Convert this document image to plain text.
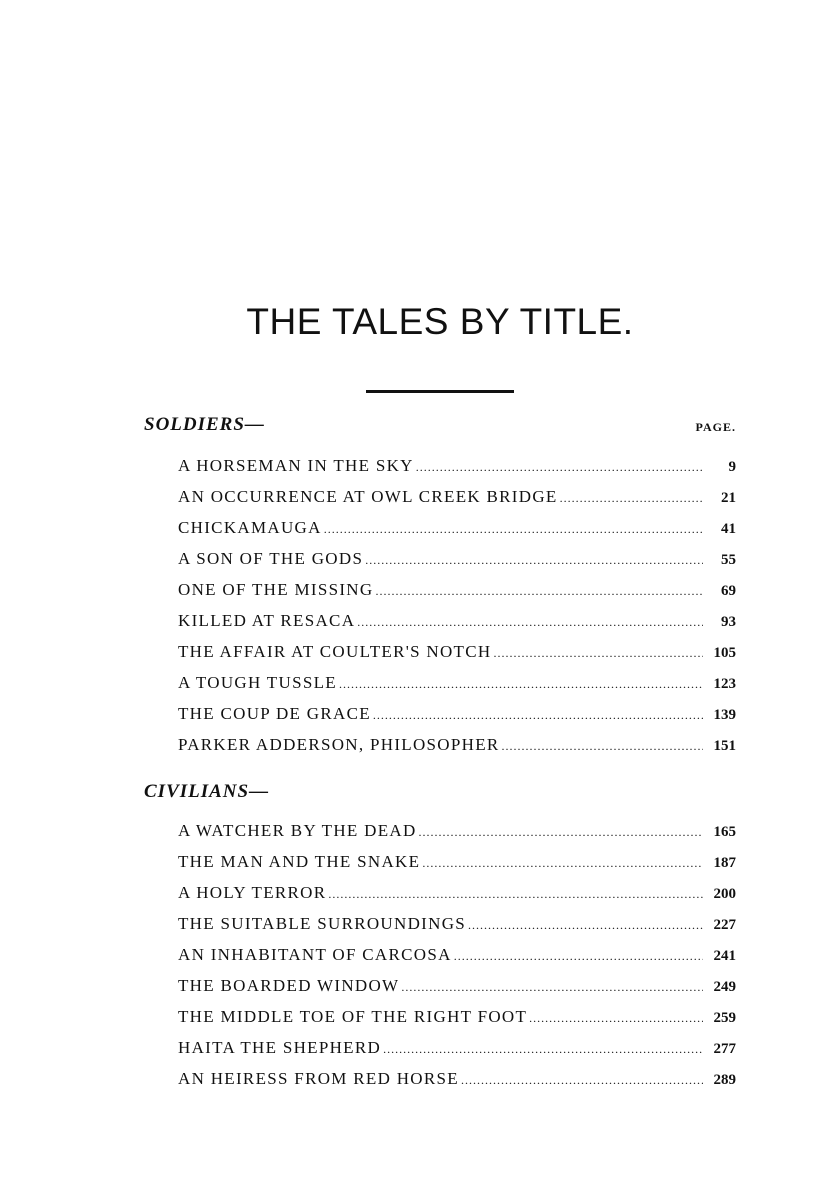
THE TALES BY TITLE.
SOLDIERS—	PAGE.
A HORSEMAN IN THE SKY .....	9
AN OCCURRENCE AT OWL CREEK BRIDGE .....	21
CHICKAMAUGA .....	41
A SON OF THE GODS .....	55
ONE OF THE MISSING .....	69
KILLED AT RESACA .....	93
THE AFFAIR AT COULTER'S NOTCH .....	105
A TOUGH TUSSLE .....	123
THE COUP DE GRACE .....	139
PARKER ADDERSON, PHILOSOPHER .....	151
CIVILIANS—
A WATCHER BY THE DEAD .....	165
THE MAN AND THE SNAKE .....	187
A HOLY TERROR .....	200
THE SUITABLE SURROUNDINGS .....	227
AN INHABITANT OF CARCOSA .....	241
THE BOARDED WINDOW .....	249
THE MIDDLE TOE OF THE RIGHT FOOT .....	259
HAITA THE SHEPHERD .....	277
AN HEIRESS FROM RED HORSE .....	289
